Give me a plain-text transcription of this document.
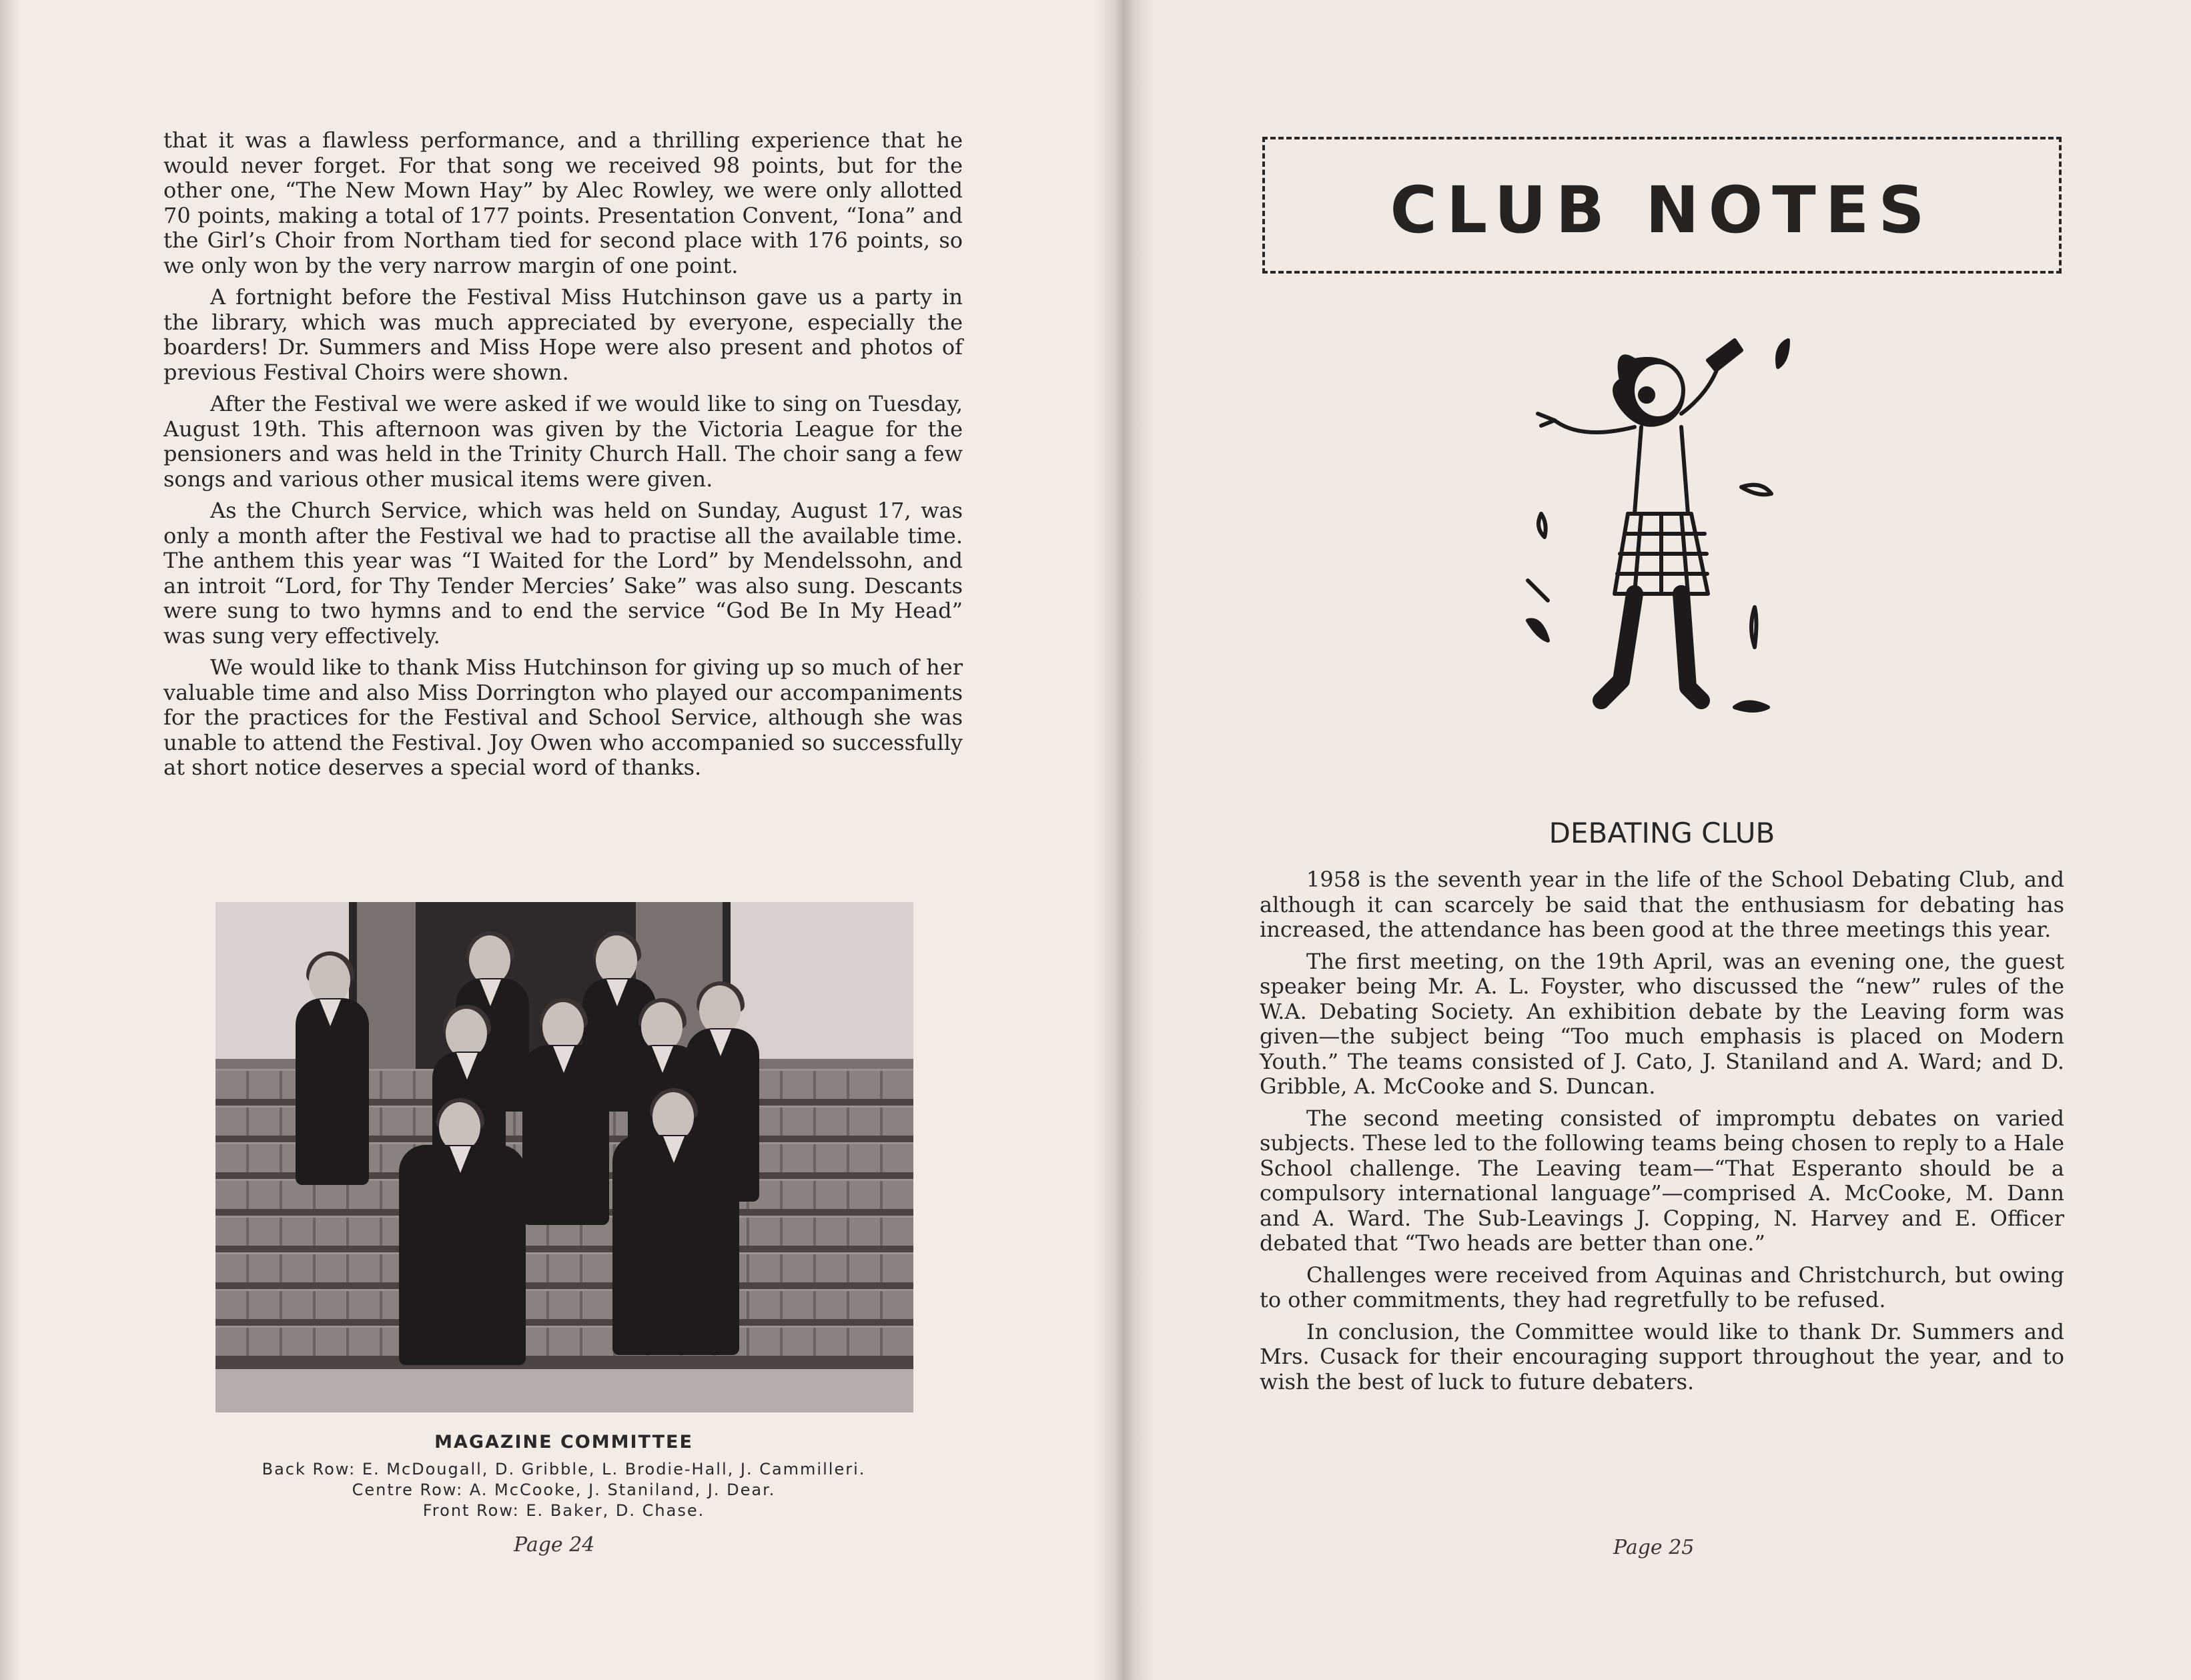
that it was a flawless performance, and a thrilling experience that he would never forget. For that song we received 98 points, but for the other one, “The New Mown Hay” by Alec Rowley, we were only allotted 70 points, making a total of 177 points. Presentation Convent, “Iona” and the Girl’s Choir from Northam tied for second place with 176 points, so we only won by the very narrow margin of one point.

A fortnight before the Festival Miss Hutchinson gave us a party in the library, which was much appreciated by everyone, especially the boarders! Dr. Summers and Miss Hope were also present and photos of previous Festival Choirs were shown.

After the Festival we were asked if we would like to sing on Tuesday, August 19th. This afternoon was given by the Victoria League for the pensioners and was held in the Trinity Church Hall. The choir sang a few songs and various other musical items were given.

As the Church Service, which was held on Sunday, August 17, was only a month after the Festival we had to practise all the available time. The anthem this year was “I Waited for the Lord” by Mendelssohn, and an introit “Lord, for Thy Tender Mercies’ Sake” was also sung. Descants were sung to two hymns and to end the service “God Be In My Head” was sung very effectively.

We would like to thank Miss Hutchinson for giving up so much of her valuable time and also Miss Dorrington who played our accompaniments for the practices for the Festival and School Service, although she was unable to attend the Festival. Joy Owen who accompanied so successfully at short notice deserves a special word of thanks.

MAGAZINE COMMITTEE
Back Row: E. McDougall, D. Gribble, L. Brodie-Hall, J. Cammilleri.
Centre Row: A. McCooke, J. Staniland, J. Dear.
Front Row: E. Baker, D. Chase.
Page 24
CLUB NOTES
DEBATING CLUB

1958 is the seventh year in the life of the School Debating Club, and although it can scarcely be said that the enthusiasm for debating has increased, the attendance has been good at the three meetings this year.

The first meeting, on the 19th April, was an evening one, the guest speaker being Mr. A. L. Foyster, who discussed the “new” rules of the W.A. Debating Society. An exhibition debate by the Leaving form was given—the subject being “Too much emphasis is placed on Modern Youth.” The teams consisted of J. Cato, J. Staniland and A. Ward; and D. Gribble, A. McCooke and S. Duncan.

The second meeting consisted of impromptu debates on varied subjects. These led to the following teams being chosen to reply to a Hale School challenge. The Leaving team—“That Esperanto should be a compulsory international language”—comprised A. McCooke, M. Dann and A. Ward. The Sub-Leavings J. Copping, N. Harvey and E. Officer debated that “Two heads are better than one.”

Challenges were received from Aquinas and Christchurch, but owing to other commitments, they had regretfully to be refused.

In conclusion, the Committee would like to thank Dr. Summers and Mrs. Cusack for their encouraging support throughout the year, and to wish the best of luck to future debaters.

Page 25
